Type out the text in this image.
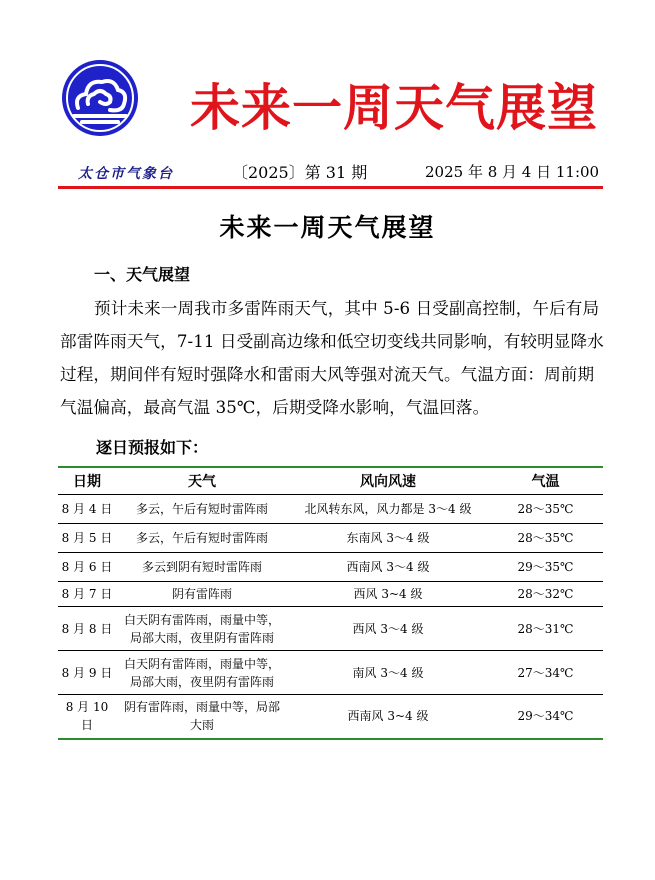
未来一周天气展望
太仓市气象台	〔2025〕第 31 期	2025 年 8 月 4 日 11:00
未来一周天气展望
一、天气展望

预计未来一周我市多雷阵雨天气，其中 5-6 日受副高控制，午后有局部雷阵雨天气，7-11 日受副高边缘和低空切变线共同影响，有较明显降水过程，期间伴有短时强降水和雷雨大风等强对流天气。气温方面：周前期气温偏高，最高气温 35℃，后期受降水影响，气温回落。

逐日预报如下：
日期	天气	风向风速	气温
8 月 4 日	多云，午后有短时雷阵雨	北风转东风，风力都是 3～4 级	28～35℃
8 月 5 日	多云，午后有短时雷阵雨	东南风 3～4 级	28～35℃
8 月 6 日	多云到阴有短时雷阵雨	西南风 3～4 级	29～35℃
8 月 7 日	阴有雷阵雨	西风 3~4 级	28～32℃
8 月 8 日	白天阴有雷阵雨，雨量中等，局部大雨，夜里阴有雷阵雨	西风 3～4 级	28～31℃
8 月 9 日	白天阴有雷阵雨，雨量中等，局部大雨，夜里阴有雷阵雨	南风 3～4 级	27～34℃
8 月 10 日	阴有雷阵雨，雨量中等，局部大雨	西南风 3~4 级	29～34℃
